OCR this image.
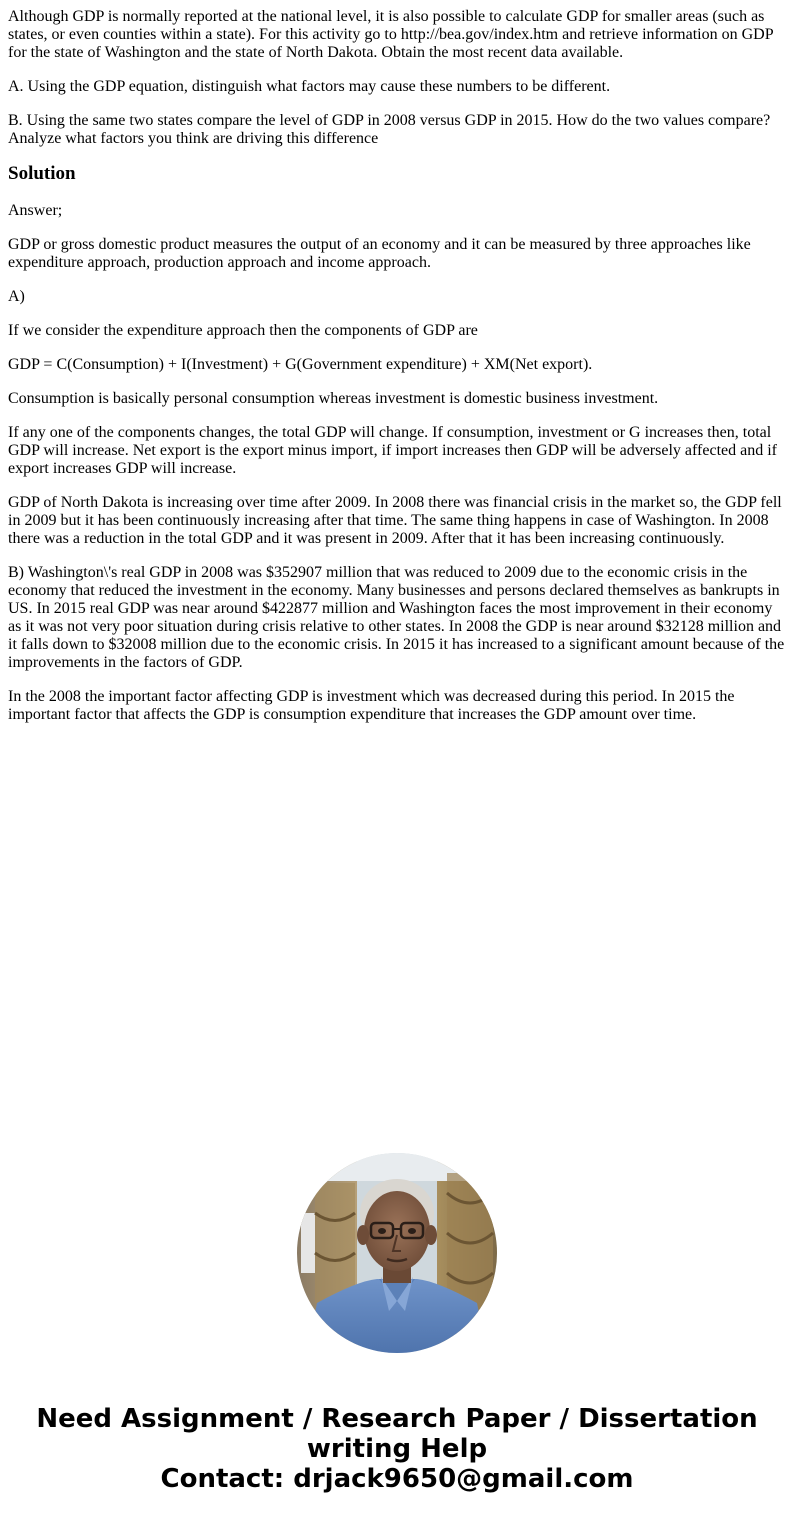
Although GDP is normally reported at the national level, it is also possible to calculate GDP for smaller areas (such as states, or even counties within a state). For this activity go to http://bea.gov/index.htm and retrieve information on GDP for the state of Washington and the state of North Dakota. Obtain the most recent data available.

A. Using the GDP equation, distinguish what factors may cause these numbers to be different.

B. Using the same two states compare the level of GDP in 2008 versus GDP in 2015. How do the two values compare? Analyze what factors you think are driving this difference

Solution

Answer;

GDP or gross domestic product measures the output of an economy and it can be measured by three approaches like expenditure approach, production approach and income approach.

A)

If we consider the expenditure approach then the components of GDP are

GDP = C(Consumption) + I(Investment) + G(Government expenditure) + XM(Net export).

Consumption is basically personal consumption whereas investment is domestic business investment.

If any one of the components changes, the total GDP will change. If consumption, investment or G increases then, total GDP will increase. Net export is the export minus import, if import increases then GDP will be adversely affected and if export increases GDP will increase.

GDP of North Dakota is increasing over time after 2009. In 2008 there was financial crisis in the market so, the GDP fell in 2009 but it has been continuously increasing after that time. The same thing happens in case of Washington. In 2008 there was a reduction in the total GDP and it was present in 2009. After that it has been increasing continuously.

B) Washington\'s real GDP in 2008 was $352907 million that was reduced to 2009 due to the economic crisis in the economy that reduced the investment in the economy. Many businesses and persons declared themselves as bankrupts in US. In 2015 real GDP was near around $422877 million and Washington faces the most improvement in their economy as it was not very poor situation during crisis relative to other states. In 2008 the GDP is near around $32128 million and it falls down to $32008 million due to the economic crisis. In 2015 it has increased to a significant amount because of the improvements in the factors of GDP.

In the 2008 the important factor affecting GDP is investment which was decreased during this period. In 2015 the important factor that affects the GDP is consumption expenditure that increases the GDP amount over time.

Need Assignment / Research Paper / Dissertation
writing Help
Contact: drjack9650@gmail.com
